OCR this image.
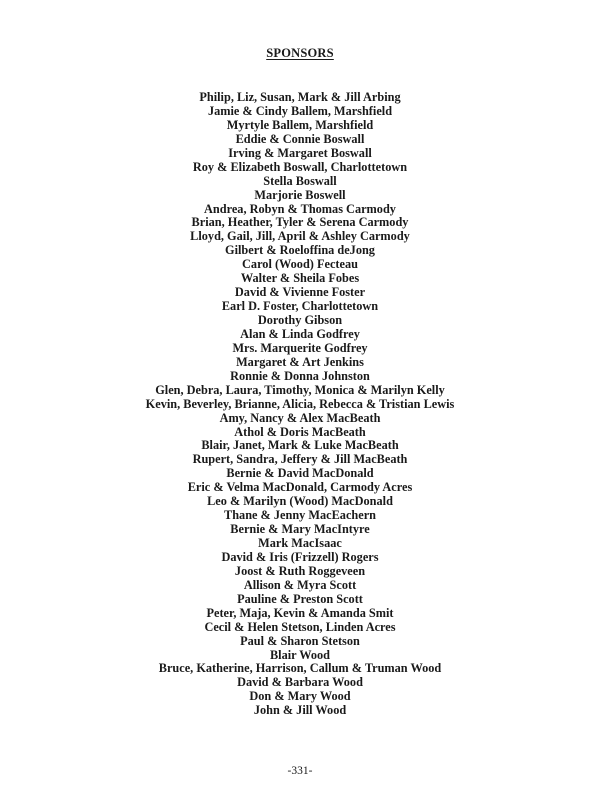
SPONSORS
Philip, Liz, Susan, Mark & Jill Arbing
Jamie & Cindy Ballem, Marshfield
Myrtyle Ballem, Marshfield
Eddie & Connie Boswall
Irving & Margaret Boswall
Roy & Elizabeth Boswall, Charlottetown
Stella Boswall
Marjorie Boswell
Andrea, Robyn & Thomas Carmody
Brian, Heather, Tyler & Serena Carmody
Lloyd, Gail, Jill, April & Ashley Carmody
Gilbert & Roeloffina deJong
Carol (Wood) Fecteau
Walter & Sheila Fobes
David & Vivienne Foster
Earl D. Foster, Charlottetown
Dorothy Gibson
Alan & Linda Godfrey
Mrs. Marquerite Godfrey
Margaret & Art Jenkins
Ronnie & Donna Johnston
Glen, Debra, Laura, Timothy, Monica & Marilyn Kelly
Kevin, Beverley, Brianne, Alicia, Rebecca & Tristian Lewis
Amy, Nancy & Alex MacBeath
Athol & Doris MacBeath
Blair, Janet, Mark & Luke MacBeath
Rupert, Sandra, Jeffery & Jill MacBeath
Bernie & David MacDonald
Eric & Velma MacDonald, Carmody Acres
Leo & Marilyn (Wood) MacDonald
Thane & Jenny MacEachern
Bernie & Mary MacIntyre
Mark MacIsaac
David & Iris (Frizzell) Rogers
Joost & Ruth Roggeveen
Allison & Myra Scott
Pauline & Preston Scott
Peter, Maja, Kevin & Amanda Smit
Cecil & Helen Stetson, Linden Acres
Paul & Sharon Stetson
Blair Wood
Bruce, Katherine, Harrison, Callum & Truman Wood
David & Barbara Wood
Don & Mary Wood
John & Jill Wood
-331-
